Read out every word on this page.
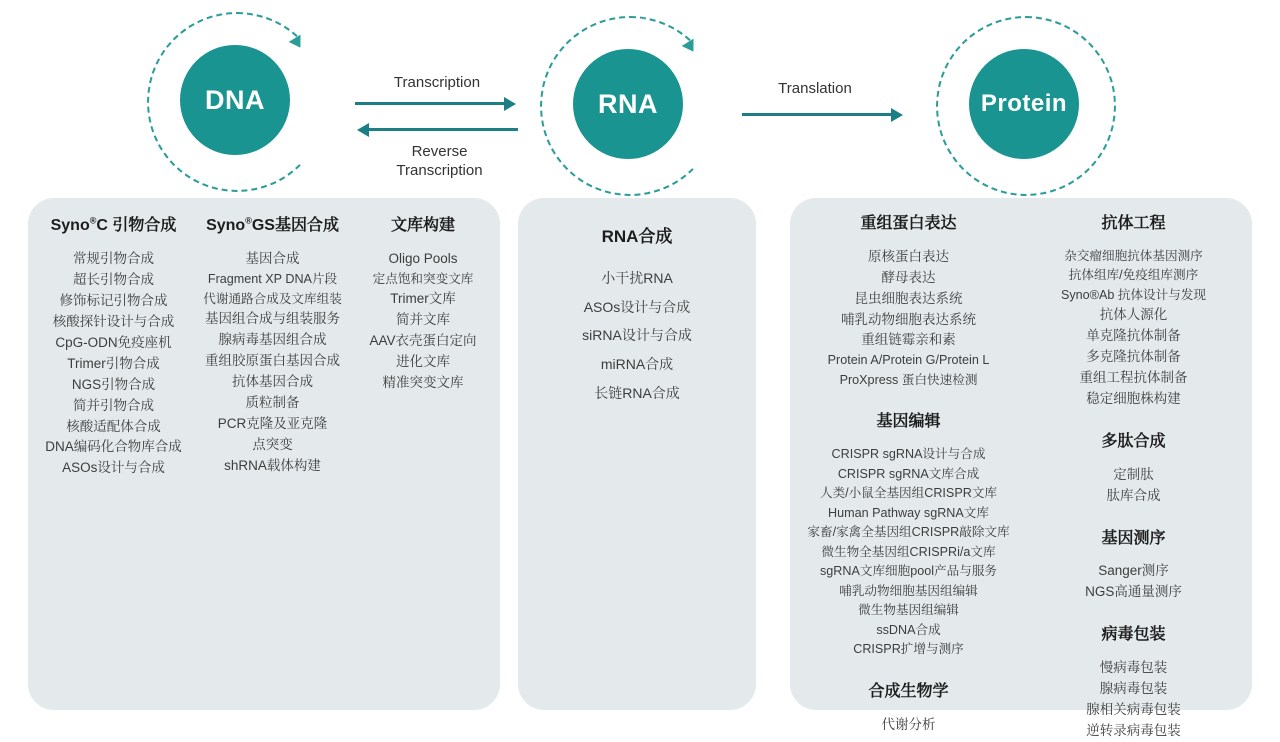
DNA	RNA	Protein
Transcription
Reverse
Transcription
Translation
Syno®C 引物合成
常规引物合成
超长引物合成
修饰标记引物合成
核酸探针设计与合成
CpG-ODN免疫座机
Trimer引物合成
NGS引物合成
简并引物合成
核酸适配体合成
DNA编码化合物库合成
ASOs设计与合成
Syno®GS基因合成
基因合成
Fragment XP DNA片段
代谢通路合成及文库组装
基因组合成与组装服务
腺病毒基因组合成
重组胶原蛋白基因合成
抗体基因合成
质粒制备
PCR克隆及亚克隆
点突变
shRNA载体构建
文库构建
Oligo Pools
定点饱和突变文库
Trimer文库
简并文库
AAV衣壳蛋白定向
进化文库
精准突变文库
RNA合成
小干扰RNA
ASOs设计与合成
siRNA设计与合成
miRNA合成
长链RNA合成
重组蛋白表达
原核蛋白表达
酵母表达
昆虫细胞表达系统
哺乳动物细胞表达系统
重组链霉亲和素
Protein A/Protein G/Protein L
ProXpress 蛋白快速检测
基因编辑
CRISPR sgRNA设计与合成
CRISPR sgRNA文库合成
人类/小鼠全基因组CRISPR文库
Human Pathway sgRNA文库
家畜/家禽全基因组CRISPR敲除文库
微生物全基因组CRISPRi/a文库
sgRNA文库细胞pool产品与服务
哺乳动物细胞基因组编辑
微生物基因组编辑
ssDNA合成
CRISPR扩增与测序
合成生物学
代谢分析
抗体工程
杂交瘤细胞抗体基因测序
抗体组库/免疫组库测序
Syno®Ab 抗体设计与发现
抗体人源化
单克隆抗体制备
多克隆抗体制备
重组工程抗体制备
稳定细胞株构建
多肽合成
定制肽
肽库合成
基因测序
Sanger测序
NGS高通量测序
病毒包装
慢病毒包装
腺病毒包装
腺相关病毒包装
逆转录病毒包装
